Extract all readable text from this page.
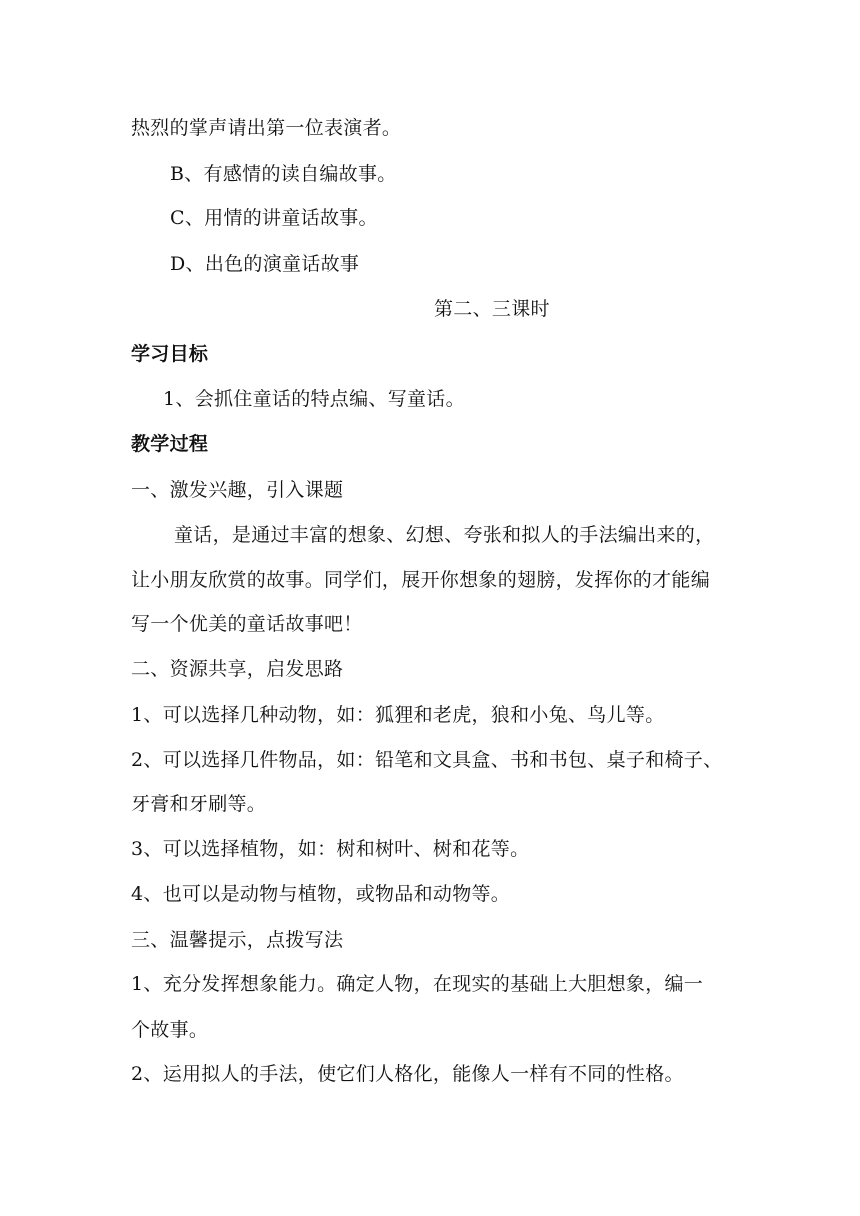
热烈的掌声请出第一位表演者。
B、有感情的读自编故事。
C、用情的讲童话故事。
D、出色的演童话故事
第二、三课时
学习目标
1、会抓住童话的特点编、写童话。
教学过程
一、激发兴趣，引入课题
童话，是通过丰富的想象、幻想、夸张和拟人的手法编出来的，
让小朋友欣赏的故事。同学们，展开你想象的翅膀，发挥你的才能编
写一个优美的童话故事吧！
二、资源共享，启发思路
1、可以选择几种动物，如：狐狸和老虎，狼和小兔、鸟儿等。
2、可以选择几件物品，如：铅笔和文具盒、书和书包、桌子和椅子、
牙膏和牙刷等。
3、可以选择植物，如：树和树叶、树和花等。
4、也可以是动物与植物，或物品和动物等。
三、温馨提示，点拨写法
1、充分发挥想象能力。确定人物，在现实的基础上大胆想象，编一
个故事。
2、运用拟人的手法，使它们人格化，能像人一样有不同的性格。
